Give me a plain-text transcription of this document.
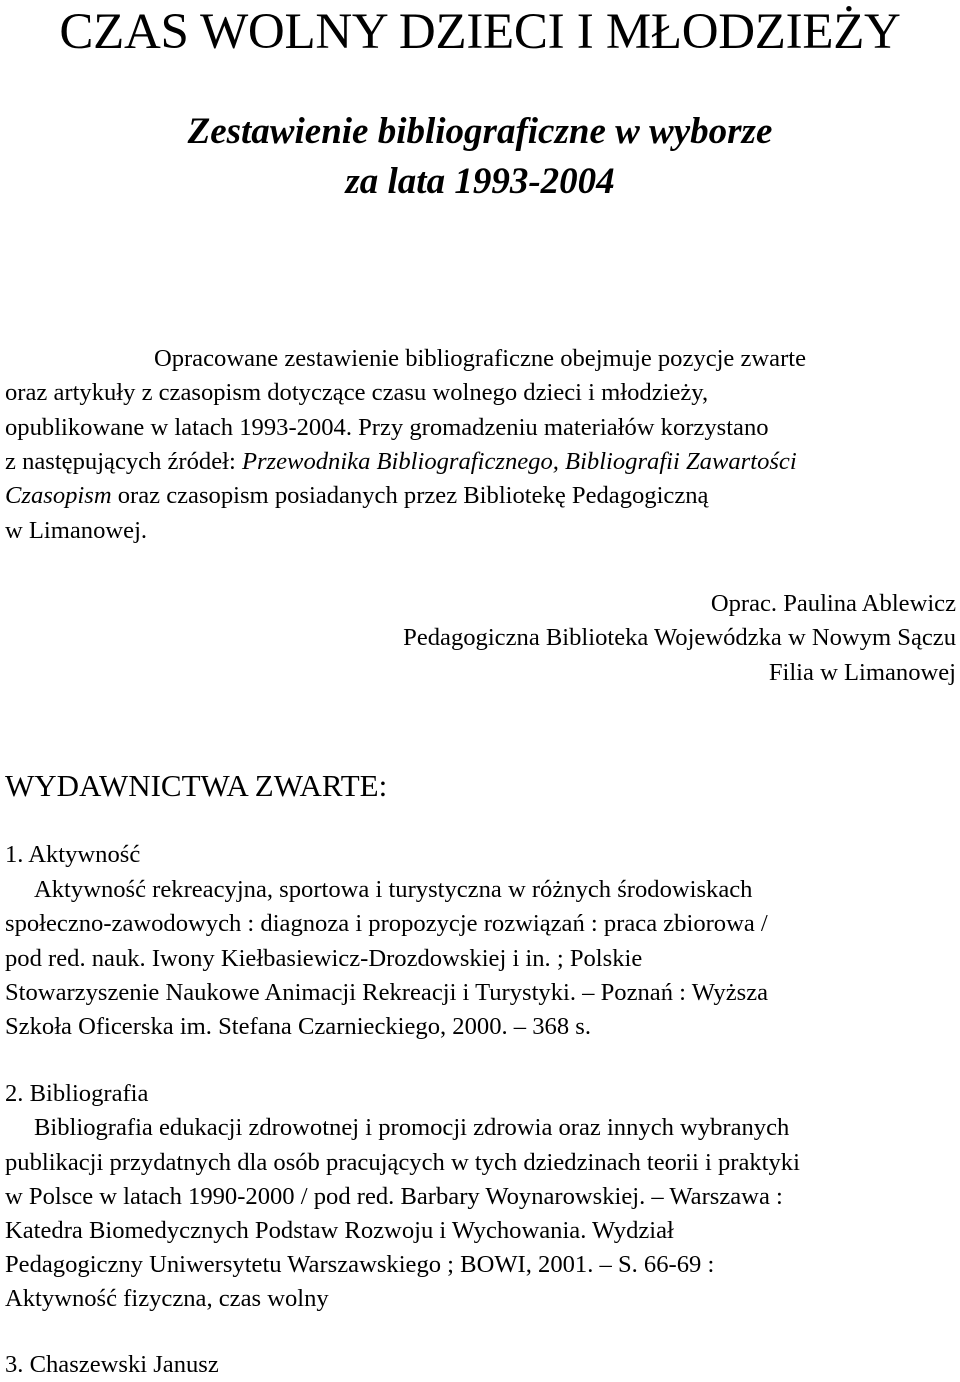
CZAS WOLNY DZIECI I MŁODZIEŻY
Zestawienie bibliograficzne w wyborze
za lata 1993-2004
Opracowane zestawienie bibliograficzne obejmuje pozycje zwarte
oraz artykuły z czasopism dotyczące czasu wolnego dzieci i młodzieży,
opublikowane w latach 1993-2004. Przy gromadzeniu materiałów korzystano
z następujących źródeł: Przewodnika Bibliograficznego, Bibliografii Zawartości
Czasopism oraz czasopism posiadanych przez Bibliotekę Pedagogiczną
w Limanowej.
Oprac. Paulina Ablewicz
Pedagogiczna Biblioteka Wojewódzka w Nowym Sączu
Filia w Limanowej
WYDAWNICTWA ZWARTE:
1. Aktywność
Aktywność rekreacyjna, sportowa i turystyczna w różnych środowiskach
społeczno-zawodowych : diagnoza i propozycje rozwiązań : praca zbiorowa /
pod red. nauk. Iwony Kiełbasiewicz-Drozdowskiej i in. ; Polskie
Stowarzyszenie Naukowe Animacji Rekreacji i Turystyki. – Poznań : Wyższa
Szkoła Oficerska im. Stefana Czarnieckiego, 2000. – 368 s.
2. Bibliografia
Bibliografia edukacji zdrowotnej i promocji zdrowia oraz innych wybranych
publikacji przydatnych dla osób pracujących w tych dziedzinach teorii i praktyki
w Polsce w latach 1990-2000 / pod red. Barbary Woynarowskiej. – Warszawa :
Katedra Biomedycznych Podstaw Rozwoju i Wychowania. Wydział
Pedagogiczny Uniwersytetu Warszawskiego ; BOWI, 2001. – S. 66-69 :
Aktywność fizyczna, czas wolny
3. Chaszewski Janusz
